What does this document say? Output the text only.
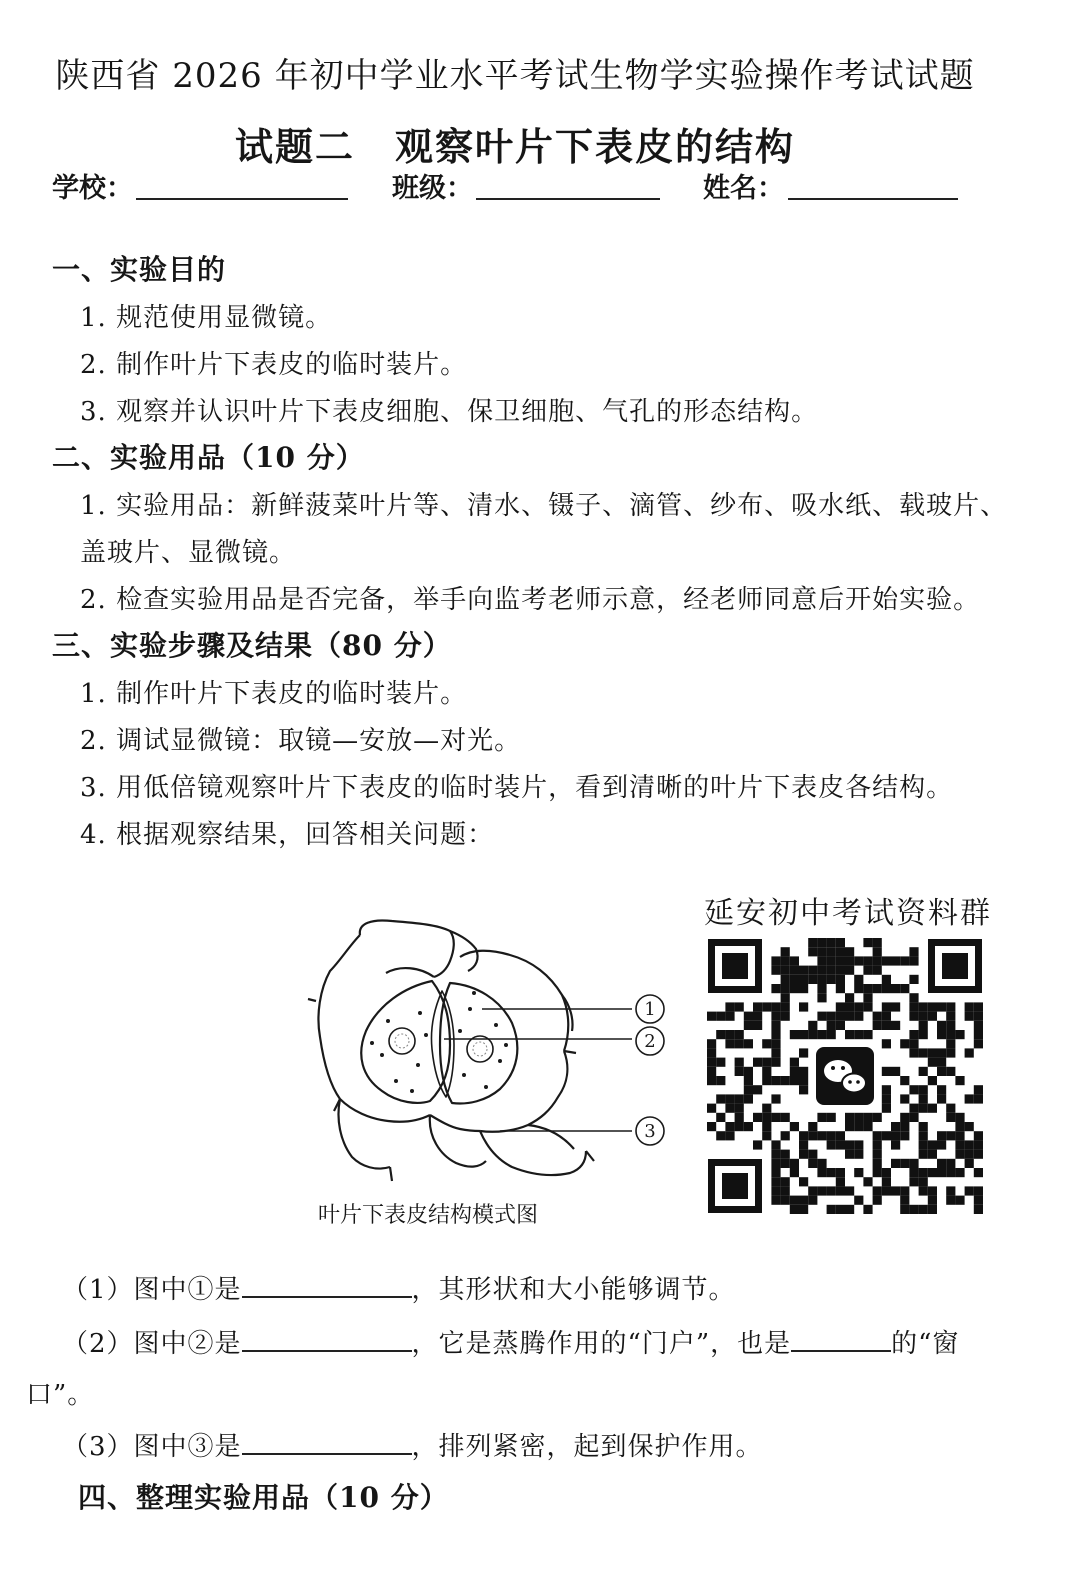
陕西省 2026 年初中学业水平考试生物学实验操作考试试题
试题二　观察叶片下表皮的结构
学校：	班级：	姓名：
一、实验目的
1. 规范使用显微镜。
2. 制作叶片下表皮的临时装片。
3. 观察并认识叶片下表皮细胞、保卫细胞、气孔的形态结构。
二、实验用品（10 分）
1. 实验用品：新鲜菠菜叶片等、清水、镊子、滴管、纱布、吸水纸、载玻片、
盖玻片、显微镜。
2. 检查实验用品是否完备，举手向监考老师示意，经老师同意后开始实验。
三、实验步骤及结果（80 分）
1. 制作叶片下表皮的临时装片。
2. 调试显微镜：取镜—安放—对光。
3. 用低倍镜观察叶片下表皮的临时装片，看到清晰的叶片下表皮各结构。
4. 根据观察结果，回答相关问题：
1
2
3
叶片下表皮结构模式图
延安初中考试资料群
（1）图中①是	，其形状和大小能够调节。
（2）图中②是	，它是蒸腾作用的“门户”，也是	的“窗
口”。
（3）图中③是	，排列紧密，起到保护作用。
四、整理实验用品（10 分）
